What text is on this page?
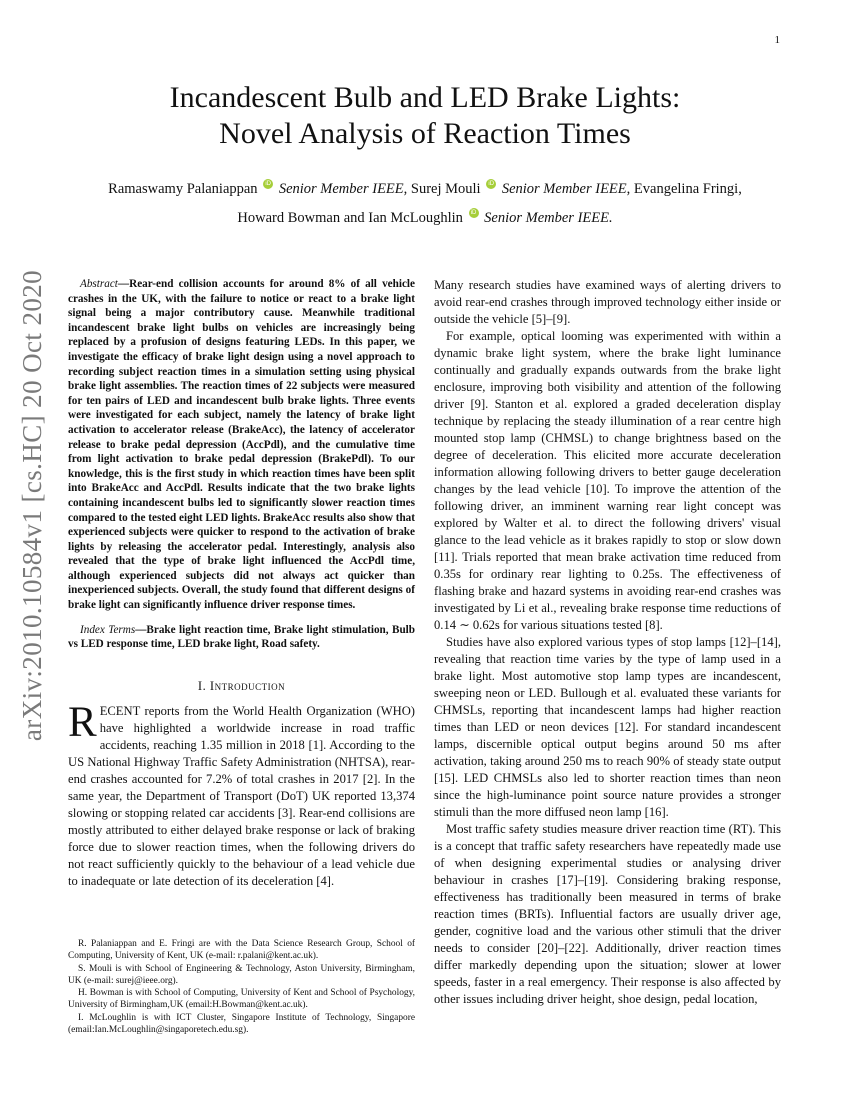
1
arXiv:2010.10584v1 [cs.HC] 20 Oct 2020
Incandescent Bulb and LED Brake Lights:
Novel Analysis of Reaction Times
Ramaswamy Palaniappan iD Senior Member IEEE, Surej Mouli iD Senior Member IEEE, Evangelina Fringi,
Howard Bowman and Ian McLoughlin iD Senior Member IEEE.

Abstract—Rear-end collision accounts for around 8% of all vehicle crashes in the UK, with the failure to notice or react to a brake light signal being a major contributory cause. Meanwhile traditional incandescent brake light bulbs on vehicles are increasingly being replaced by a profusion of designs featuring LEDs. In this paper, we investigate the efficacy of brake light design using a novel approach to recording subject reaction times in a simulation setting using physical brake light assemblies. The reaction times of 22 subjects were measured for ten pairs of LED and incandescent bulb brake lights. Three events were investigated for each subject, namely the latency of brake light activation to accelerator release (BrakeAcc), the latency of accelerator release to brake pedal depression (AccPdl), and the cumulative time from light activation to brake pedal depression (BrakePdl). To our knowledge, this is the first study in which reaction times have been split into BrakeAcc and AccPdl. Results indicate that the two brake lights containing incandescent bulbs led to significantly slower reaction times compared to the tested eight LED lights. BrakeAcc results also show that experienced subjects were quicker to respond to the activation of brake lights by releasing the accelerator pedal. Interestingly, analysis also revealed that the type of brake light influenced the AccPdl time, although experienced subjects did not always act quicker than inexperienced subjects. Overall, the study found that different designs of brake light can significantly influence driver response times.

Index Terms—Brake light reaction time, Brake light stimulation, Bulb vs LED response time, LED brake light, Road safety.

I. Introduction

RECENT reports from the World Health Organization (WHO) have highlighted a worldwide increase in road traffic accidents, reaching 1.35 million in 2018 [1]. According to the US National Highway Traffic Safety Administration (NHTSA), rear-end crashes accounted for 7.2% of total crashes in 2017 [2]. In the same year, the Department of Transport (DoT) UK reported 13,374 slowing or stopping related car accidents [3]. Rear-end collisions are mostly attributed to either delayed brake response or lack of braking force due to slower reaction times, when the following drivers do not react sufficiently quickly to the behaviour of a lead vehicle due to inadequate or late detection of its deceleration [4].

R. Palaniappan and E. Fringi are with the Data Science Research Group, School of Computing, University of Kent, UK (e-mail: r.palani@kent.ac.uk).

S. Mouli is with School of Engineering & Technology, Aston University, Birmingham, UK (e-mail: surej@ieee.org).

H. Bowman is with School of Computing, University of Kent and School of Psychology, University of Birmingham,UK (email:H.Bowman@kent.ac.uk).

I. McLoughlin is with ICT Cluster, Singapore Institute of Technology, Singapore (email:Ian.McLoughlin@singaporetech.edu.sg).

Many research studies have examined ways of alerting drivers to avoid rear-end crashes through improved technology either inside or outside the vehicle [5]–[9].

For example, optical looming was experimented with within a dynamic brake light system, where the brake light luminance continually and gradually expands outwards from the brake light enclosure, improving both visibility and attention of the following driver [9]. Stanton et al. explored a graded deceleration display technique by replacing the steady illumination of a rear centre high mounted stop lamp (CHMSL) to change brightness based on the degree of deceleration. This elicited more accurate deceleration information allowing following drivers to better gauge deceleration changes by the lead vehicle [10]. To improve the attention of the following driver, an imminent warning rear light concept was explored by Walter et al. to direct the following drivers' visual glance to the lead vehicle as it brakes rapidly to stop or slow down [11]. Trials reported that mean brake activation time reduced from 0.35s for ordinary rear lighting to 0.25s. The effectiveness of flashing brake and hazard systems in avoiding rear-end crashes was investigated by Li et al., revealing brake response time reductions of 0.14 ∼ 0.62s for various situations tested [8].

Studies have also explored various types of stop lamps [12]–[14], revealing that reaction time varies by the type of lamp used in a brake light. Most automotive stop lamp types are incandescent, sweeping neon or LED. Bullough et al. evaluated these variants for CHMSLs, reporting that incandescent lamps had higher reaction times than LED or neon devices [12]. For standard incandescent lamps, discernible optical output begins around 50 ms after activation, taking around 250 ms to reach 90% of steady state output [15]. LED CHMSLs also led to shorter reaction times than neon since the high-luminance point source nature provides a stronger stimuli than the more diffused neon lamp [16].

Most traffic safety studies measure driver reaction time (RT). This is a concept that traffic safety researchers have repeatedly made use of when designing experimental studies or analysing driver behaviour in crashes [17]–[19]. Considering braking response, effectiveness has traditionally been measured in terms of brake reaction times (BRTs). Influential factors are usually driver age, gender, cognitive load and the various other stimuli that the driver needs to consider [20]–[22]. Additionally, driver reaction times differ markedly depending upon the situation; slower at lower speeds, faster in a real emergency. Their response is also affected by other issues including driver height, shoe design, pedal location,
